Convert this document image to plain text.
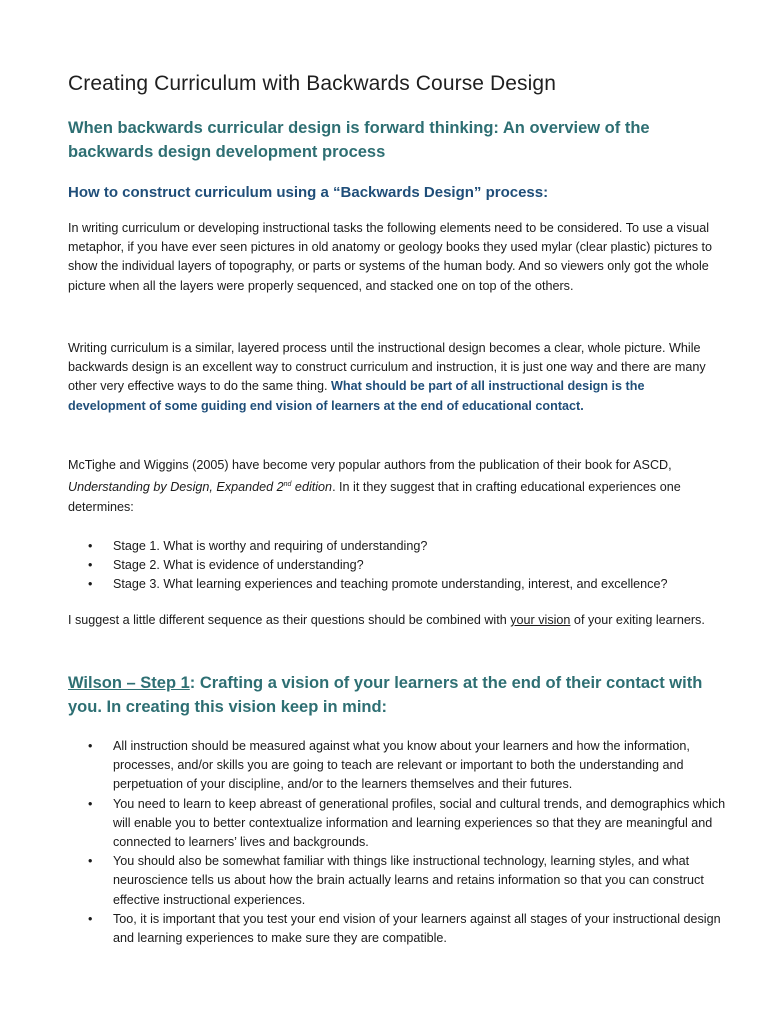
Creating Curriculum with Backwards Course Design
When backwards curricular design is forward thinking: An overview of the backwards design development process
How to construct curriculum using a “Backwards Design” process:

In writing curriculum or developing instructional tasks the following elements need to be considered. To use a visual metaphor, if you have ever seen pictures in old anatomy or geology books they used mylar (clear plastic) pictures to show the individual layers of topography, or parts or systems of the human body. And so viewers only got the whole picture when all the layers were properly sequenced, and stacked one on top of the others.

Writing curriculum is a similar, layered process until the instructional design becomes a clear, whole picture. While backwards design is an excellent way to construct curriculum and instruction, it is just one way and there are many other very effective ways to do the same thing. What should be part of all instructional design is the development of some guiding end vision of learners at the end of educational contact.

McTighe and Wiggins (2005) have become very popular authors from the publication of their book for ASCD, Understanding by Design, Expanded 2nd edition. In it they suggest that in crafting educational experiences one determines:

• Stage 1. What is worthy and requiring of understanding?
• Stage 2. What is evidence of understanding?
• Stage 3. What learning experiences and teaching promote understanding, interest, and excellence?

I suggest a little different sequence as their questions should be combined with your vision of your exiting learners.

Wilson – Step 1: Crafting a vision of your learners at the end of their contact with you. In creating this vision keep in mind:
• All instruction should be measured against what you know about your learners and how the information, processes, and/or skills you are going to teach are relevant or important to both the understanding and perpetuation of your discipline, and/or to the learners themselves and their futures.
• You need to learn to keep abreast of generational profiles, social and cultural trends, and demographics which will enable you to better contextualize information and learning experiences so that they are meaningful and connected to learners’ lives and backgrounds.
• You should also be somewhat familiar with things like instructional technology, learning styles, and what neuroscience tells us about how the brain actually learns and retains information so that you can construct effective instructional experiences.
• Too, it is important that you test your end vision of your learners against all stages of your instructional design and learning experiences to make sure they are compatible.
